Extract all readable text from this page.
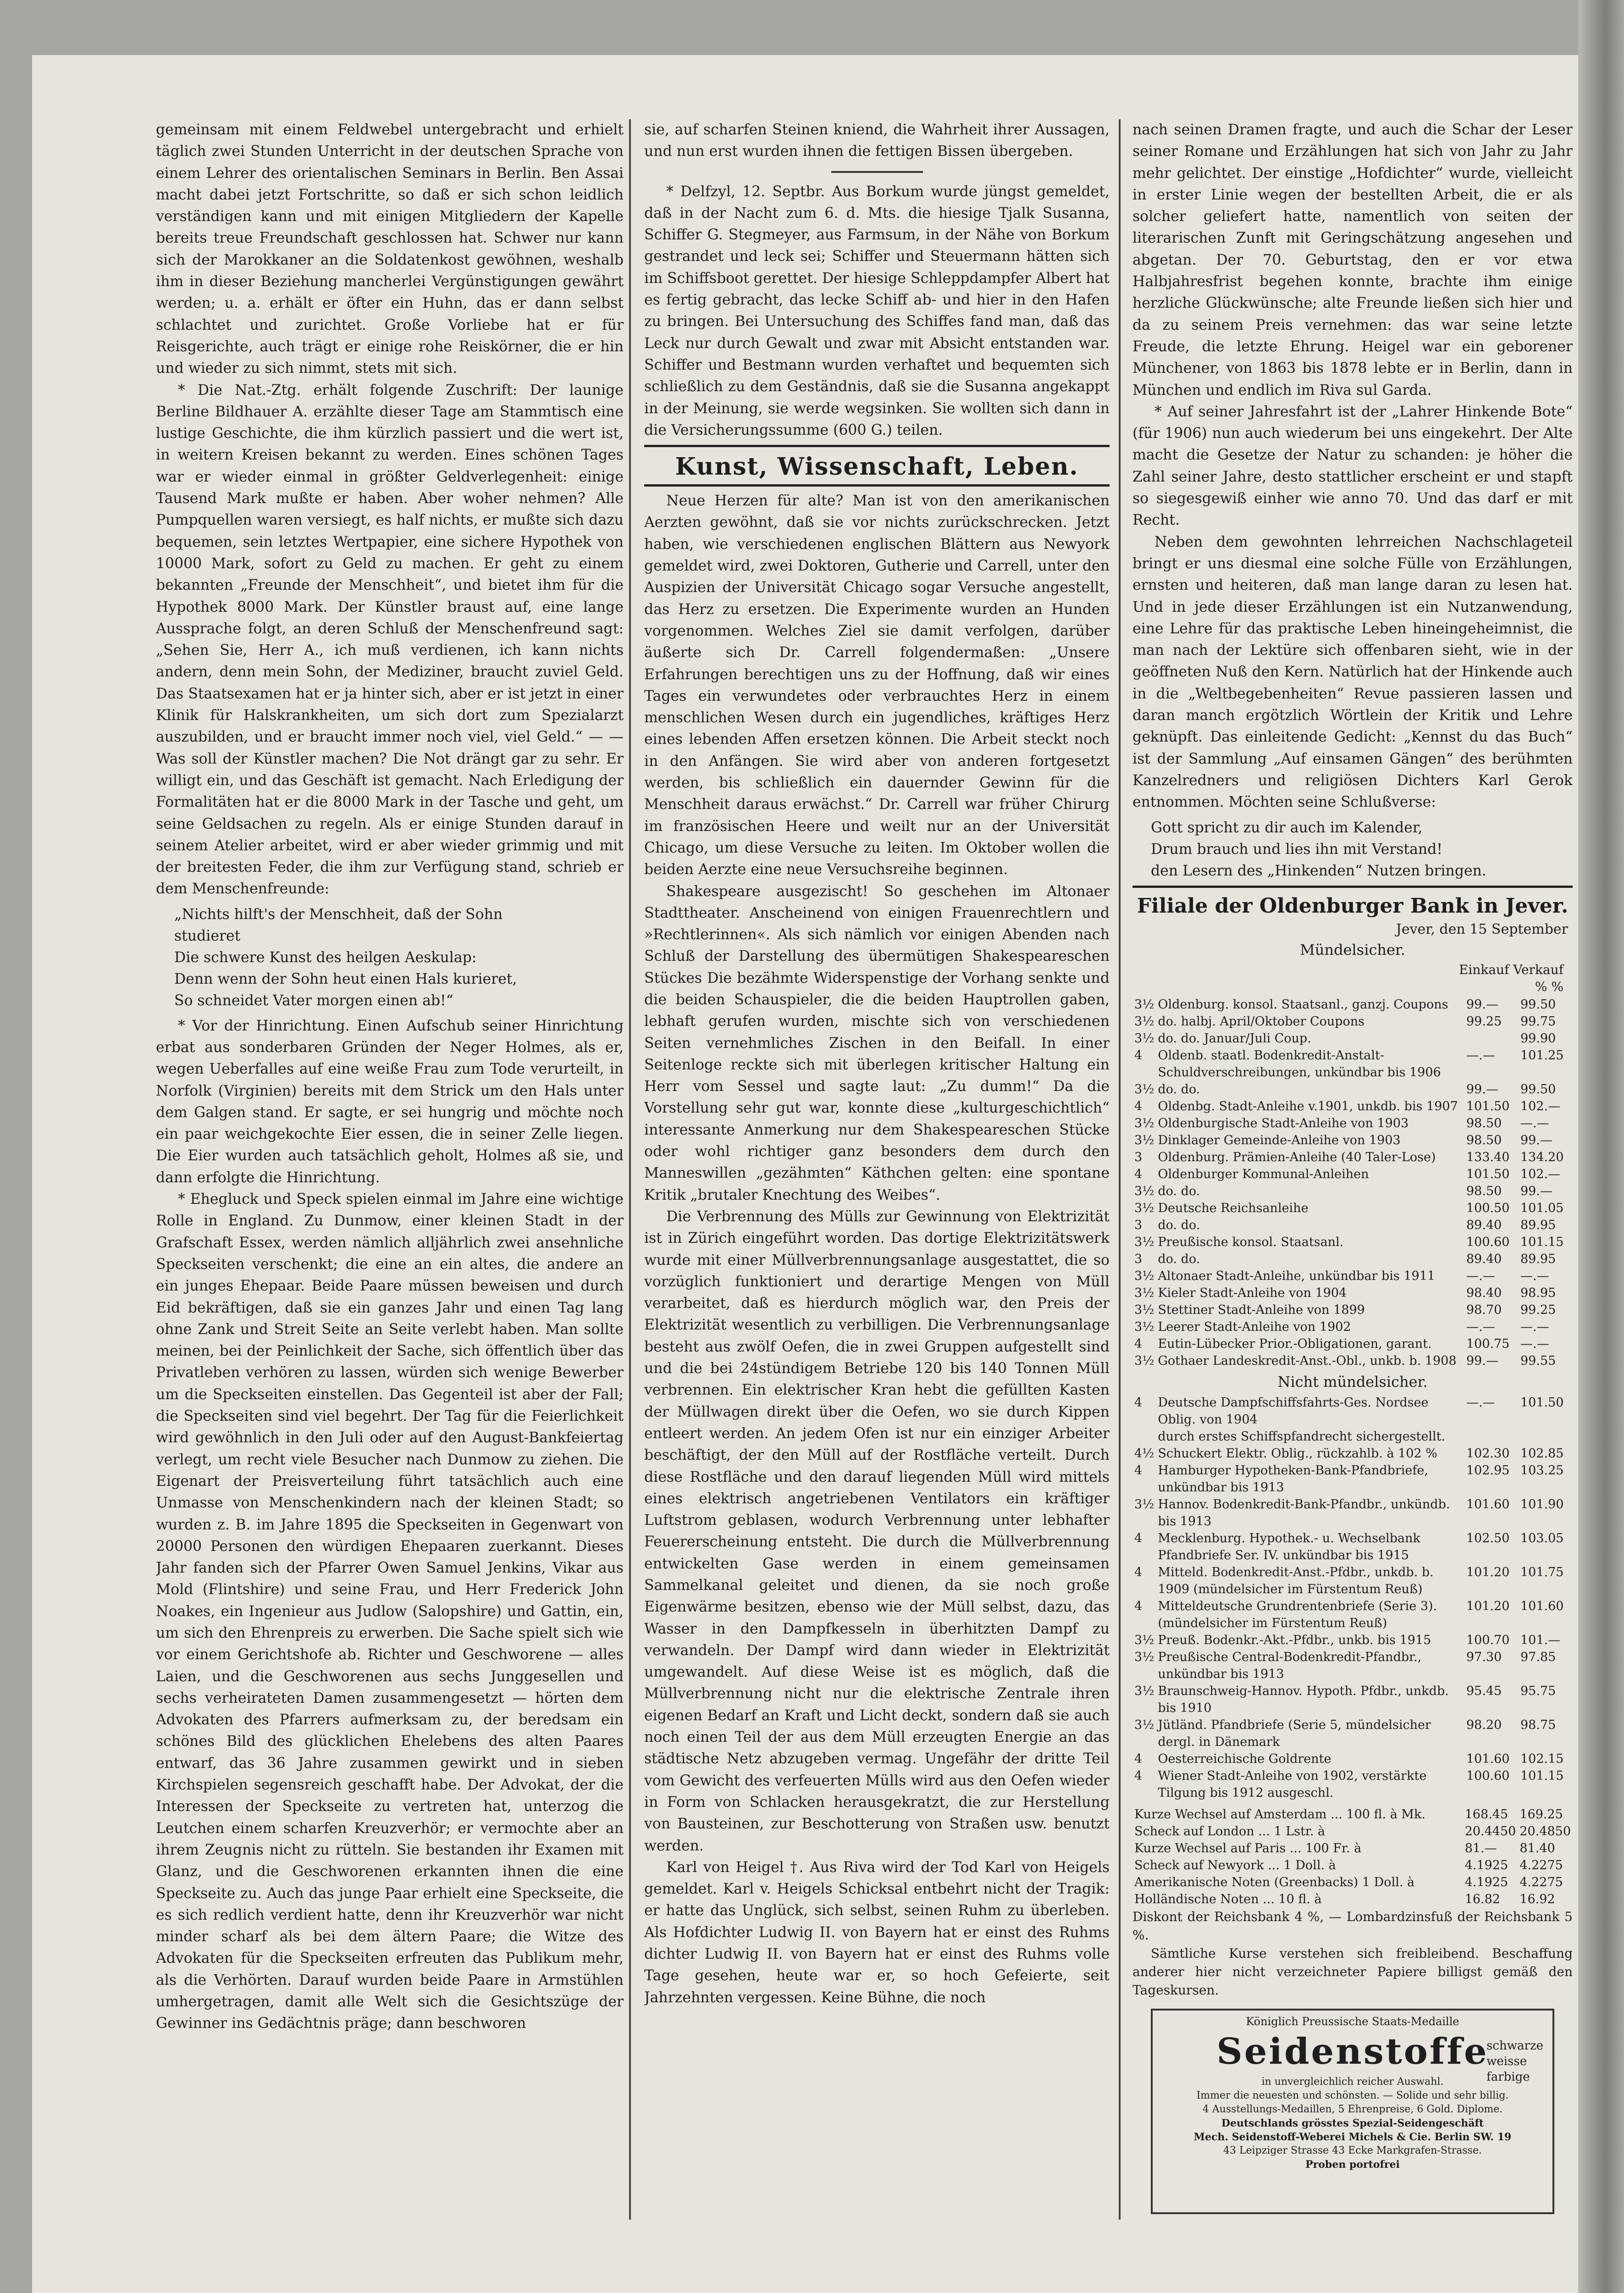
gemeinsam mit einem Feldwebel untergebracht und erhielt täglich zwei Stunden Unterricht in der deutschen Sprache von einem Lehrer des orientalischen Seminars in Berlin. Ben Assai macht dabei jetzt Fortschritte, so daß er sich schon leidlich verständigen kann und mit einigen Mitgliedern der Kapelle bereits treue Freundschaft geschlossen hat. Schwer nur kann sich der Marokkaner an die Soldatenkost gewöhnen, weshalb ihm in dieser Beziehung mancherlei Vergünstigungen gewährt werden; u. a. erhält er öfter ein Huhn, das er dann selbst schlachtet und zurichtet. Große Vorliebe hat er für Reisgerichte, auch trägt er einige rohe Reiskörner, die er hin und wieder zu sich nimmt, stets mit sich.

* Die Nat.-Ztg. erhält folgende Zuschrift: Der launige Berline Bildhauer A. erzählte dieser Tage am Stammtisch eine lustige Geschichte, die ihm kürzlich passiert und die wert ist, in weitern Kreisen bekannt zu werden. Eines schönen Tages war er wieder einmal in größter Geldverlegenheit: einige Tausend Mark mußte er haben. Aber woher nehmen? Alle Pumpquellen waren versiegt, es half nichts, er mußte sich dazu bequemen, sein letztes Wertpapier, eine sichere Hypothek von 10000 Mark, sofort zu Geld zu machen. Er geht zu einem bekannten „Freunde der Menschheit“, und bietet ihm für die Hypothek 8000 Mark. Der Künstler braust auf, eine lange Aussprache folgt, an deren Schluß der Menschenfreund sagt: „Sehen Sie, Herr A., ich muß verdienen, ich kann nichts andern, denn mein Sohn, der Mediziner, braucht zuviel Geld. Das Staatsexamen hat er ja hinter sich, aber er ist jetzt in einer Klinik für Halskrankheiten, um sich dort zum Spezialarzt auszubilden, und er braucht immer noch viel, viel Geld.“ — — Was soll der Künstler machen? Die Not drängt gar zu sehr. Er willigt ein, und das Geschäft ist gemacht. Nach Erledigung der Formalitäten hat er die 8000 Mark in der Tasche und geht, um seine Geldsachen zu regeln. Als er einige Stunden darauf in seinem Atelier arbeitet, wird er aber wieder grimmig und mit der breitesten Feder, die ihm zur Verfügung stand, schrieb er dem Menschenfreunde:

„Nichts hilft's der Menschheit, daß der Sohn
studieret
Die schwere Kunst des heilgen Aeskulap:
Denn wenn der Sohn heut einen Hals kurieret,
So schneidet Vater morgen einen ab!“

* Vor der Hinrichtung. Einen Aufschub seiner Hinrichtung erbat aus sonderbaren Gründen der Neger Holmes, als er, wegen Ueberfalles auf eine weiße Frau zum Tode verurteilt, in Norfolk (Virginien) bereits mit dem Strick um den Hals unter dem Galgen stand. Er sagte, er sei hungrig und möchte noch ein paar weichgekochte Eier essen, die in seiner Zelle liegen. Die Eier wurden auch tatsächlich geholt, Holmes aß sie, und dann erfolgte die Hinrichtung.

* Ehegluck und Speck spielen einmal im Jahre eine wichtige Rolle in England. Zu Dunmow, einer kleinen Stadt in der Grafschaft Essex, werden nämlich alljährlich zwei ansehnliche Speckseiten verschenkt; die eine an ein altes, die andere an ein junges Ehepaar. Beide Paare müssen beweisen und durch Eid bekräftigen, daß sie ein ganzes Jahr und einen Tag lang ohne Zank und Streit Seite an Seite verlebt haben. Man sollte meinen, bei der Peinlichkeit der Sache, sich öffentlich über das Privatleben verhören zu lassen, würden sich wenige Bewerber um die Speckseiten einstellen. Das Gegenteil ist aber der Fall; die Speckseiten sind viel begehrt. Der Tag für die Feierlichkeit wird gewöhnlich in den Juli oder auf den August-Bankfeiertag verlegt, um recht viele Besucher nach Dunmow zu ziehen. Die Eigenart der Preisverteilung führt tatsächlich auch eine Unmasse von Menschenkindern nach der kleinen Stadt; so wurden z. B. im Jahre 1895 die Speckseiten in Gegenwart von 20000 Personen den würdigen Ehepaaren zuerkannt. Dieses Jahr fanden sich der Pfarrer Owen Samuel Jenkins, Vikar aus Mold (Flintshire) und seine Frau, und Herr Frederick John Noakes, ein Ingenieur aus Judlow (Salopshire) und Gattin, ein, um sich den Ehrenpreis zu erwerben. Die Sache spielt sich wie vor einem Gerichtshofe ab. Richter und Geschworene — alles Laien, und die Geschworenen aus sechs Junggesellen und sechs verheirateten Damen zusammengesetzt — hörten dem Advokaten des Pfarrers aufmerksam zu, der beredsam ein schönes Bild des glücklichen Ehelebens des alten Paares entwarf, das 36 Jahre zusammen gewirkt und in sieben Kirchspielen segensreich geschafft habe. Der Advokat, der die Interessen der Speckseite zu vertreten hat, unterzog die Leutchen einem scharfen Kreuzverhör; er vermochte aber an ihrem Zeugnis nicht zu rütteln. Sie bestanden ihr Examen mit Glanz, und die Geschworenen erkannten ihnen die eine Speckseite zu. Auch das junge Paar erhielt eine Speckseite, die es sich redlich verdient hatte, denn ihr Kreuzverhör war nicht minder scharf als bei dem ältern Paare; die Witze des Advokaten für die Speckseiten erfreuten das Publikum mehr, als die Verhörten. Darauf wurden beide Paare in Armstühlen umhergetragen, damit alle Welt sich die Gesichtszüge der Gewinner ins Gedächtnis präge; dann beschworen

sie, auf scharfen Steinen kniend, die Wahrheit ihrer Aussagen, und nun erst wurden ihnen die fettigen Bissen übergeben.

* Delfzyl, 12. Septbr. Aus Borkum wurde jüngst gemeldet, daß in der Nacht zum 6. d. Mts. die hiesige Tjalk Susanna, Schiffer G. Stegmeyer, aus Farmsum, in der Nähe von Borkum gestrandet und leck sei; Schiffer und Steuermann hätten sich im Schiffsboot gerettet. Der hiesige Schleppdampfer Albert hat es fertig gebracht, das lecke Schiff ab- und hier in den Hafen zu bringen. Bei Untersuchung des Schiffes fand man, daß das Leck nur durch Gewalt und zwar mit Absicht entstanden war. Schiffer und Bestmann wurden verhaftet und bequemten sich schließlich zu dem Geständnis, daß sie die Susanna angekappt in der Meinung, sie werde wegsinken. Sie wollten sich dann in die Versicherungssumme (600 G.) teilen.

Kunst, Wissenschaft, Leben.

Neue Herzen für alte? Man ist von den amerikanischen Aerzten gewöhnt, daß sie vor nichts zurückschrecken. Jetzt haben, wie verschiedenen englischen Blättern aus Newyork gemeldet wird, zwei Doktoren, Gutherie und Carrell, unter den Auspizien der Universität Chicago sogar Versuche angestellt, das Herz zu ersetzen. Die Experimente wurden an Hunden vorgenommen. Welches Ziel sie damit verfolgen, darüber äußerte sich Dr. Carrell folgendermaßen: „Unsere Erfahrungen berechtigen uns zu der Hoffnung, daß wir eines Tages ein verwundetes oder verbrauchtes Herz in einem menschlichen Wesen durch ein jugendliches, kräftiges Herz eines lebenden Affen ersetzen können. Die Arbeit steckt noch in den Anfängen. Sie wird aber von anderen fortgesetzt werden, bis schließlich ein dauernder Gewinn für die Menschheit daraus erwächst.“ Dr. Carrell war früher Chirurg im französischen Heere und weilt nur an der Universität Chicago, um diese Versuche zu leiten. Im Oktober wollen die beiden Aerzte eine neue Versuchsreihe beginnen.

Shakespeare ausgezischt! So geschehen im Altonaer Stadttheater. Anscheinend von einigen Frauenrechtlern und »Rechtlerinnen«. Als sich nämlich vor einigen Abenden nach Schluß der Darstellung des übermütigen Shakespeareschen Stückes Die bezähmte Widerspenstige der Vorhang senkte und die beiden Schauspieler, die die beiden Hauptrollen gaben, lebhaft gerufen wurden, mischte sich von verschiedenen Seiten vernehmliches Zischen in den Beifall. In einer Seitenloge reckte sich mit überlegen kritischer Haltung ein Herr vom Sessel und sagte laut: „Zu dumm!“ Da die Vorstellung sehr gut war, konnte diese „kulturgeschichtlich“ interessante Anmerkung nur dem Shakespeareschen Stücke oder wohl richtiger ganz besonders dem durch den Manneswillen „gezähmten“ Käthchen gelten: eine spontane Kritik „brutaler Knechtung des Weibes“.

Die Verbrennung des Mülls zur Gewinnung von Elektrizität ist in Zürich eingeführt worden. Das dortige Elektrizitätswerk wurde mit einer Müllverbrennungsanlage ausgestattet, die so vorzüglich funktioniert und derartige Mengen von Müll verarbeitet, daß es hierdurch möglich war, den Preis der Elektrizität wesentlich zu verbilligen. Die Verbrennungsanlage besteht aus zwölf Oefen, die in zwei Gruppen aufgestellt sind und die bei 24stündigem Betriebe 120 bis 140 Tonnen Müll verbrennen. Ein elektrischer Kran hebt die gefüllten Kasten der Müllwagen direkt über die Oefen, wo sie durch Kippen entleert werden. An jedem Ofen ist nur ein einziger Arbeiter beschäftigt, der den Müll auf der Rostfläche verteilt. Durch diese Rostfläche und den darauf liegenden Müll wird mittels eines elektrisch angetriebenen Ventilators ein kräftiger Luftstrom geblasen, wodurch Verbrennung unter lebhafter Feuererscheinung entsteht. Die durch die Müllverbrennung entwickelten Gase werden in einem gemeinsamen Sammelkanal geleitet und dienen, da sie noch große Eigenwärme besitzen, ebenso wie der Müll selbst, dazu, das Wasser in den Dampfkesseln in überhitzten Dampf zu verwandeln. Der Dampf wird dann wieder in Elektrizität umgewandelt. Auf diese Weise ist es möglich, daß die Müllverbrennung nicht nur die elektrische Zentrale ihren eigenen Bedarf an Kraft und Licht deckt, sondern daß sie auch noch einen Teil der aus dem Müll erzeugten Energie an das städtische Netz abzugeben vermag. Ungefähr der dritte Teil vom Gewicht des verfeuerten Mülls wird aus den Oefen wieder in Form von Schlacken herausgekratzt, die zur Herstellung von Bausteinen, zur Beschotterung von Straßen usw. benutzt werden.

Karl von Heigel †. Aus Riva wird der Tod Karl von Heigels gemeldet. Karl v. Heigels Schicksal entbehrt nicht der Tragik: er hatte das Unglück, sich selbst, seinen Ruhm zu überleben. Als Hofdichter Ludwig II. von Bayern hat er einst des Ruhms dichter Ludwig II. von Bayern hat er einst des Ruhms volle Tage gesehen, heute war er, so hoch Gefeierte, seit Jahrzehnten vergessen. Keine Bühne, die noch

nach seinen Dramen fragte, und auch die Schar der Leser seiner Romane und Erzählungen hat sich von Jahr zu Jahr mehr gelichtet. Der einstige „Hofdichter“ wurde, vielleicht in erster Linie wegen der bestellten Arbeit, die er als solcher geliefert hatte, namentlich von seiten der literarischen Zunft mit Geringschätzung angesehen und abgetan. Der 70. Geburtstag, den er vor etwa Halbjahresfrist begehen konnte, brachte ihm einige herzliche Glückwünsche; alte Freunde ließen sich hier und da zu seinem Preis vernehmen: das war seine letzte Freude, die letzte Ehrung. Heigel war ein geborener Münchener, von 1863 bis 1878 lebte er in Berlin, dann in München und endlich im Riva sul Garda.

* Auf seiner Jahresfahrt ist der „Lahrer Hinkende Bote“ (für 1906) nun auch wiederum bei uns eingekehrt. Der Alte macht die Gesetze der Natur zu schanden: je höher die Zahl seiner Jahre, desto stattlicher erscheint er und stapft so siegesgewiß einher wie anno 70. Und das darf er mit Recht.

Neben dem gewohnten lehrreichen Nachschlageteil bringt er uns diesmal eine solche Fülle von Erzählungen, ernsten und heiteren, daß man lange daran zu lesen hat. Und in jede dieser Erzählungen ist ein Nutzanwendung, eine Lehre für das praktische Leben hineingeheimnist, die man nach der Lektüre sich offenbaren sieht, wie in der geöffneten Nuß den Kern. Natürlich hat der Hinkende auch in die „Weltbegebenheiten“ Revue passieren lassen und daran manch ergötzlich Wörtlein der Kritik und Lehre geknüpft. Das einleitende Gedicht: „Kennst du das Buch“ ist der Sammlung „Auf einsamen Gängen“ des berühmten Kanzelredners und religiösen Dichters Karl Gerok entnommen. Möchten seine Schlußverse:

Gott spricht zu dir auch im Kalender,
Drum brauch und lies ihn mit Verstand!
den Lesern des „Hinkenden“ Nutzen bringen.
Filiale der Oldenburger Bank in Jever.
Jever, den 15 September
Mündelsicher.
Einkauf Verkauf
% %
3½	Oldenburg. konsol. Staatsanl., ganzj. Coupons	99.—	99.50
3½	do. halbj. April/Oktober Coupons	99.25	99.75
3½	do. do. Januar/Juli Coup.		99.90
4	Oldenb. staatl. Bodenkredit-Anstalt-Schuldverschreibungen, unkündbar bis 1906	—.—	101.25
3½	do. do.	99.—	99.50
4	Oldenbg. Stadt-Anleihe v.1901, unkdb. bis 1907	101.50	102.—
3½	Oldenburgische Stadt-Anleihe von 1903	98.50	—.—
3½	Dinklager Gemeinde-Anleihe von 1903	98.50	99.—
3	Oldenburg. Prämien-Anleihe (40 Taler-Lose)	133.40	134.20
4	Oldenburger Kommunal-Anleihen	101.50	102.—
3½	do. do.	98.50	99.—
3½	Deutsche Reichsanleihe	100.50	101.05
3	do. do.	89.40	89.95
3½	Preußische konsol. Staatsanl.	100.60	101.15
3	do. do.	89.40	89.95
3½	Altonaer Stadt-Anleihe, unkündbar bis 1911	—.—	—.—
3½	Kieler Stadt-Anleihe von 1904	98.40	98.95
3½	Stettiner Stadt-Anleihe von 1899	98.70	99.25
3½	Leerer Stadt-Anleihe von 1902	—.—	—.—
4	Eutin-Lübecker Prior.-Obligationen, garant.	100.75	—.—
3½	Gothaer Landeskredit-Anst.-Obl., unkb. b. 1908	99.—	99.55
Nicht mündelsicher.
4	Deutsche Dampfschiffsfahrts-Ges. Nordsee Oblig. von 1904	—.—	101.50
	durch erstes Schiffspfandrecht sichergestellt.		
4½	Schuckert Elektr. Oblig., rückzahlb. à 102 %	102.30	102.85
4	Hamburger Hypotheken-Bank-Pfandbriefe, unkündbar bis 1913	102.95	103.25
3½	Hannov. Bodenkredit-Bank-Pfandbr., unkündb. bis 1913	101.60	101.90
4	Mecklenburg. Hypothek.- u. Wechselbank Pfandbriefe Ser. IV. unkündbar bis 1915	102.50	103.05
4	Mitteld. Bodenkredit-Anst.-Pfdbr., unkdb. b. 1909 (mündelsicher im Fürstentum Reuß)	101.20	101.75
4	Mitteldeutsche Grundrentenbriefe (Serie 3). (mündelsicher im Fürstentum Reuß)	101.20	101.60
3½	Preuß. Bodenkr.-Akt.-Pfdbr., unkb. bis 1915	100.70	101.—
3½	Preußische Central-Bodenkredit-Pfandbr., unkündbar bis 1913	97.30	97.85
3½	Braunschweig-Hannov. Hypoth. Pfdbr., unkdb. bis 1910	95.45	95.75
3½	Jütländ. Pfandbriefe (Serie 5, mündelsicher dergl. in Dänemark	98.20	98.75
4	Oesterreichische Goldrente	101.60	102.15
4	Wiener Stadt-Anleihe von 1902, verstärkte Tilgung bis 1912 ausgeschl.	100.60	101.15
Kurze Wechsel auf Amsterdam ... 100 fl. à Mk.	168.45	169.25
Scheck auf London ... 1 Lstr. à	20.4450	20.4850
Kurze Wechsel auf Paris ... 100 Fr. à	81.—	81.40
Scheck auf Newyork ... 1 Doll. à	4.1925	4.2275
Amerikanische Noten (Greenbacks) 1 Doll. à	4.1925	4.2275
Holländische Noten ... 10 fl. à	16.82	16.92

Diskont der Reichsbank 4 %, — Lombardzinsfuß der Reichsbank 5 %.

Sämtliche Kurse verstehen sich freibleibend. Beschaffung anderer hier nicht verzeichneter Papiere billigst gemäß den Tageskursen.

Königlich Preussische Staats-Medaille
Seidenstoffe
schwarze
weisse
farbige

in unvergleichlich reicher Auswahl.

Immer die neuesten und schönsten. — Solide und sehr billig.

4 Ausstellungs-Medaillen, 5 Ehrenpreise, 6 Gold. Diplome.

Deutschlands grösstes Spezial-Seidengeschäft

Mech. Seidenstoff-Weberei Michels & Cie. Berlin SW. 19

43 Leipziger Strasse 43 Ecke Markgrafen-Strasse.

Proben portofrei
